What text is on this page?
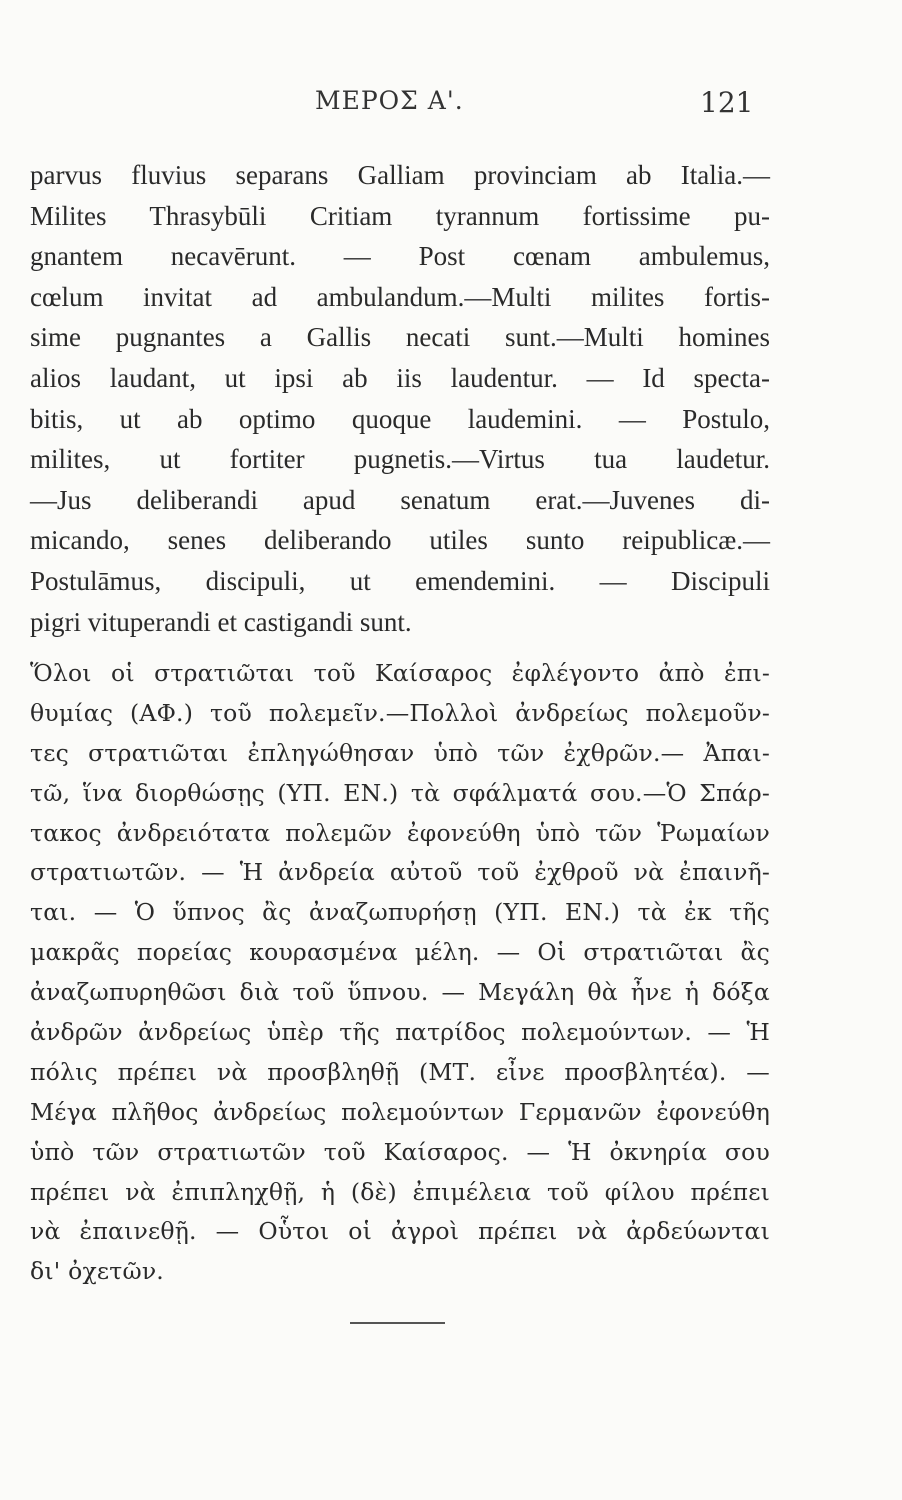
ΜΕΡΟΣ Α'.	121
parvus fluvius separans Galliam provinciam ab Italia.—
Milites Thrasybūli Critiam tyrannum fortissime pu-
gnantem necavērunt. — Post cœnam ambulemus,
cœlum invitat ad ambulandum.—Multi milites fortis-
sime pugnantes a Gallis necati sunt.—Multi homines
alios laudant, ut ipsi ab iis laudentur. — Id specta-
bitis, ut ab optimo quoque laudemini. — Postulo,
milites, ut fortiter pugnetis.—Virtus tua laudetur.
—Jus deliberandi apud senatum erat.—Juvenes di-
micando, senes deliberando utiles sunto reipublicæ.—
Postulāmus, discipuli, ut emendemini. — Discipuli
pigri vituperandi et castigandi sunt.
Ὅλοι οἱ στρατιῶται τοῦ Καίσαρος ἐφλέγοντο ἀπὸ ἐπι-
θυμίας (ΑΦ.) τοῦ πολεμεῖν.—Πολλοὶ ἀνδρείως πολεμοῦν-
τες στρατιῶται ἐπληγώθησαν ὑπὸ τῶν ἐχθρῶν.— Ἀπαι-
τῶ, ἵνα διορθώσῃς (ΥΠ. ΕΝ.) τὰ σφάλματά σου.—Ὁ Σπάρ-
τακος ἀνδρειότατα πολεμῶν ἐφονεύθη ὑπὸ τῶν Ῥωμαίων
στρατιωτῶν. — Ἡ ἀνδρεία αὐτοῦ τοῦ ἐχθροῦ νὰ ἐπαινῆ-
ται. — Ὁ ὕπνος ἂς ἀναζωπυρήσῃ (ΥΠ. ΕΝ.) τὰ ἐκ τῆς
μακρᾶς πορείας κουρασμένα μέλη. — Οἱ στρατιῶται ἂς
ἀναζωπυρηθῶσι διὰ τοῦ ὕπνου. — Μεγάλη θὰ ἦνε ἡ δόξα
ἀνδρῶν ἀνδρείως ὑπὲρ τῆς πατρίδος πολεμούντων. — Ἡ
πόλις πρέπει νὰ προσβληθῇ (ΜΤ. εἶνε προσβλητέα). —
Μέγα πλῆθος ἀνδρείως πολεμούντων Γερμανῶν ἐφονεύθη
ὑπὸ τῶν στρατιωτῶν τοῦ Καίσαρος. — Ἡ ὀκνηρία σου
πρέπει νὰ ἐπιπληχθῇ, ἡ (δὲ) ἐπιμέλεια τοῦ φίλου πρέπει
νὰ ἐπαινεθῇ. — Οὗτοι οἱ ἀγροὶ πρέπει νὰ ἀρδεύωνται
δι' ὀχετῶν.
